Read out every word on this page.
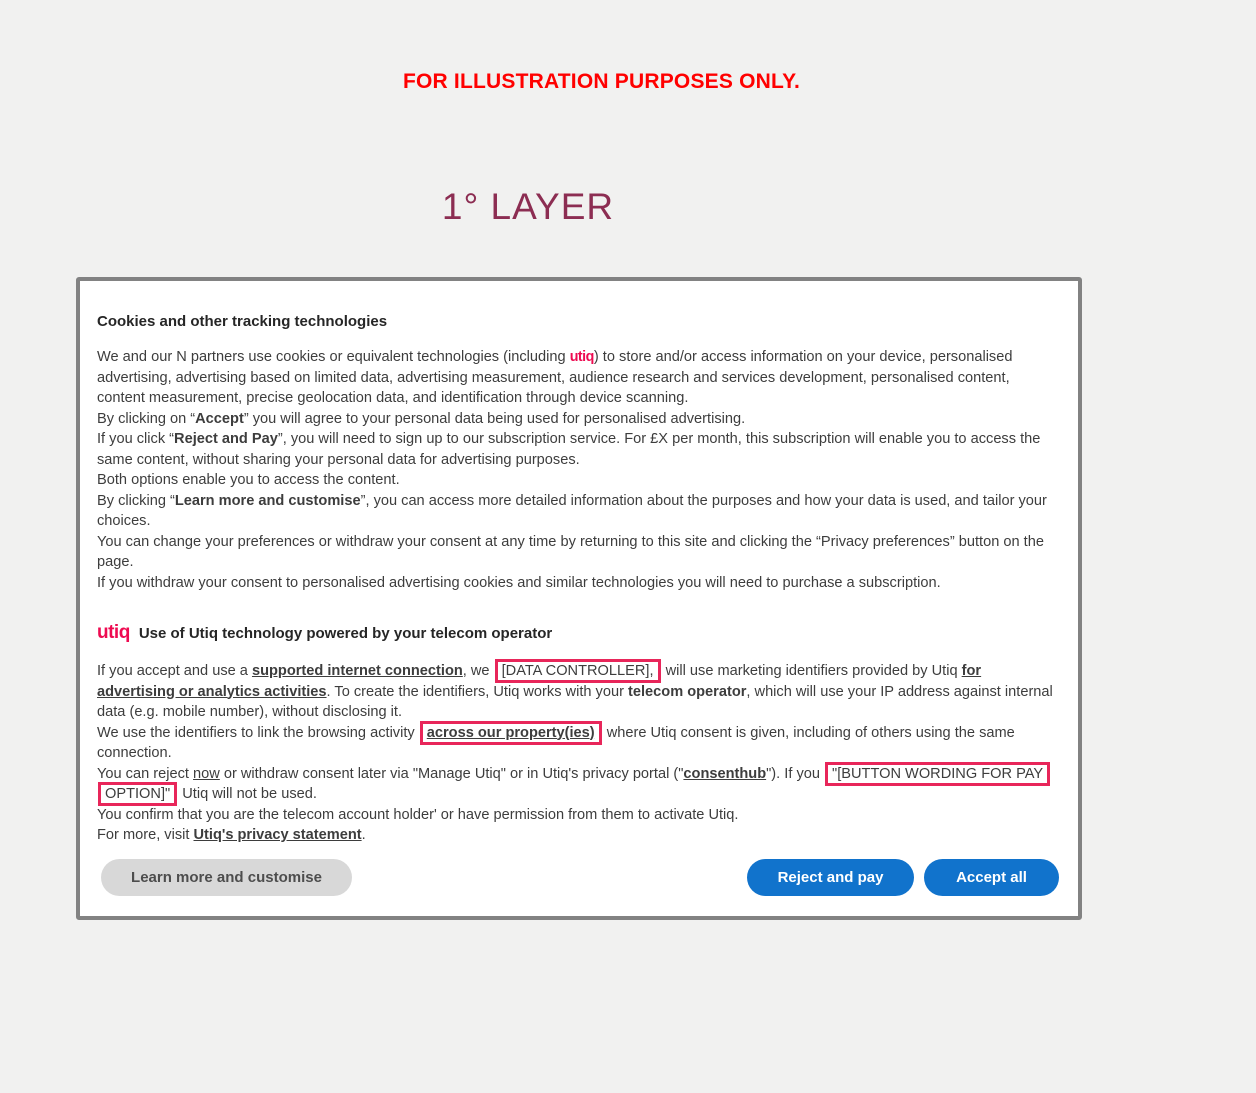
FOR ILLUSTRATION PURPOSES ONLY.
1° LAYER
Cookies and other tracking technologies
We and our N partners use cookies or equivalent technologies (including utiq) to store and/or access information on your device, personalised advertising, advertising based on limited data, advertising measurement, audience research and services development, personalised content, content measurement, precise geolocation data, and identification through device scanning.
By clicking on “Accept” you will agree to your personal data being used for personalised advertising.
If you click “Reject and Pay”, you will need to sign up to our subscription service. For £X per month, this subscription will enable you to access the same content, without sharing your personal data for advertising purposes.
Both options enable you to access the content.
By clicking “Learn more and customise”, you can access more detailed information about the purposes and how your data is used, and tailor your choices.
You can change your preferences or withdraw your consent at any time by returning to this site and clicking the “Privacy preferences” button on the page.
If you withdraw your consent to personalised advertising cookies and similar technologies you will need to purchase a subscription.
utiq Use of Utiq technology powered by your telecom operator
If you accept and use a supported internet connection, we [DATA CONTROLLER], will use marketing identifiers provided by Utiq for advertising or analytics activities. To create the identifiers, Utiq works with your telecom operator, which will use your IP address against internal data (e.g. mobile number), without disclosing it.
We use the identifiers to link the browsing activity across our property(ies) where Utiq consent is given, including of others using the same connection.
You can reject now or withdraw consent later via "Manage Utiq" or in Utiq's privacy portal ("consenthub"). If you "[BUTTON WORDING FOR PAY OPTION]" Utiq will not be used.
You confirm that you are the telecom account holder' or have permission from them to activate Utiq.
For more, visit Utiq's privacy statement.
Learn more and customise	Reject and pay	Accept all
